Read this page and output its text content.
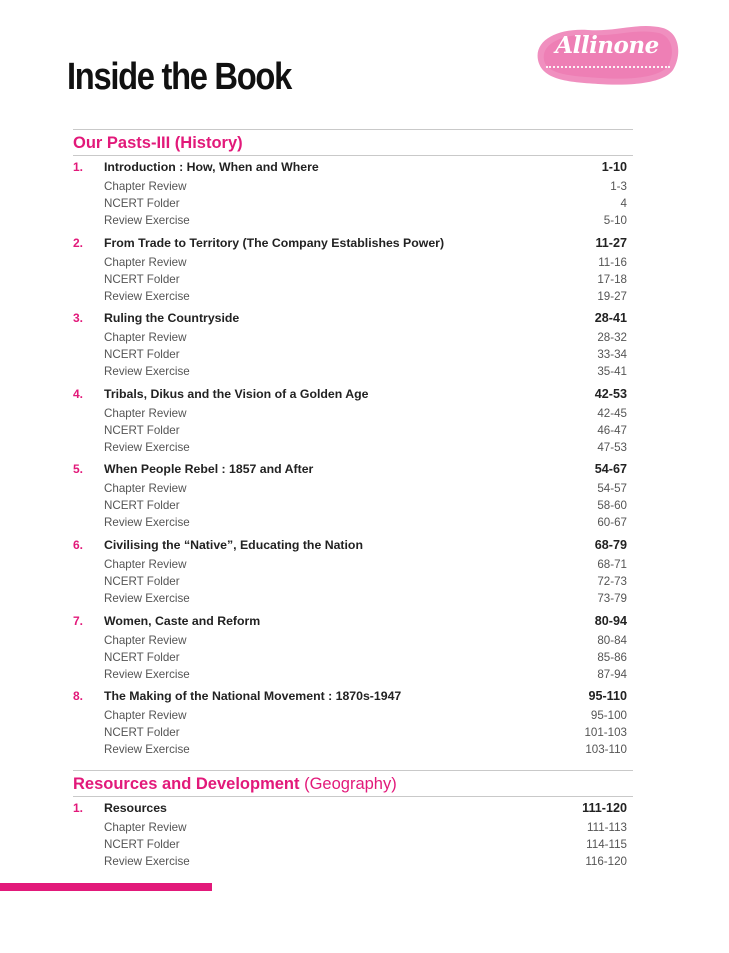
Inside the Book
Allinone
Our Pasts-III (History)
1. Introduction : How, When and Where	1-10
Chapter Review	1-3
NCERT Folder	4
Review Exercise	5-10
2. From Trade to Territory (The Company Establishes Power)	11-27
Chapter Review	11-16
NCERT Folder	17-18
Review Exercise	19-27
3. Ruling the Countryside	28-41
Chapter Review	28-32
NCERT Folder	33-34
Review Exercise	35-41
4. Tribals, Dikus and the Vision of a Golden Age	42-53
Chapter Review	42-45
NCERT Folder	46-47
Review Exercise	47-53
5. When People Rebel : 1857 and After	54-67
Chapter Review	54-57
NCERT Folder	58-60
Review Exercise	60-67
6. Civilising the “Native”, Educating the Nation	68-79
Chapter Review	68-71
NCERT Folder	72-73
Review Exercise	73-79
7. Women, Caste and Reform	80-94
Chapter Review	80-84
NCERT Folder	85-86
Review Exercise	87-94
8. The Making of the National Movement : 1870s-1947	95-110
Chapter Review	95-100
NCERT Folder	101-103
Review Exercise	103-110
Resources and Development (Geography)
1. Resources	111-120
Chapter Review	111-113
NCERT Folder	114-115
Review Exercise	116-120
